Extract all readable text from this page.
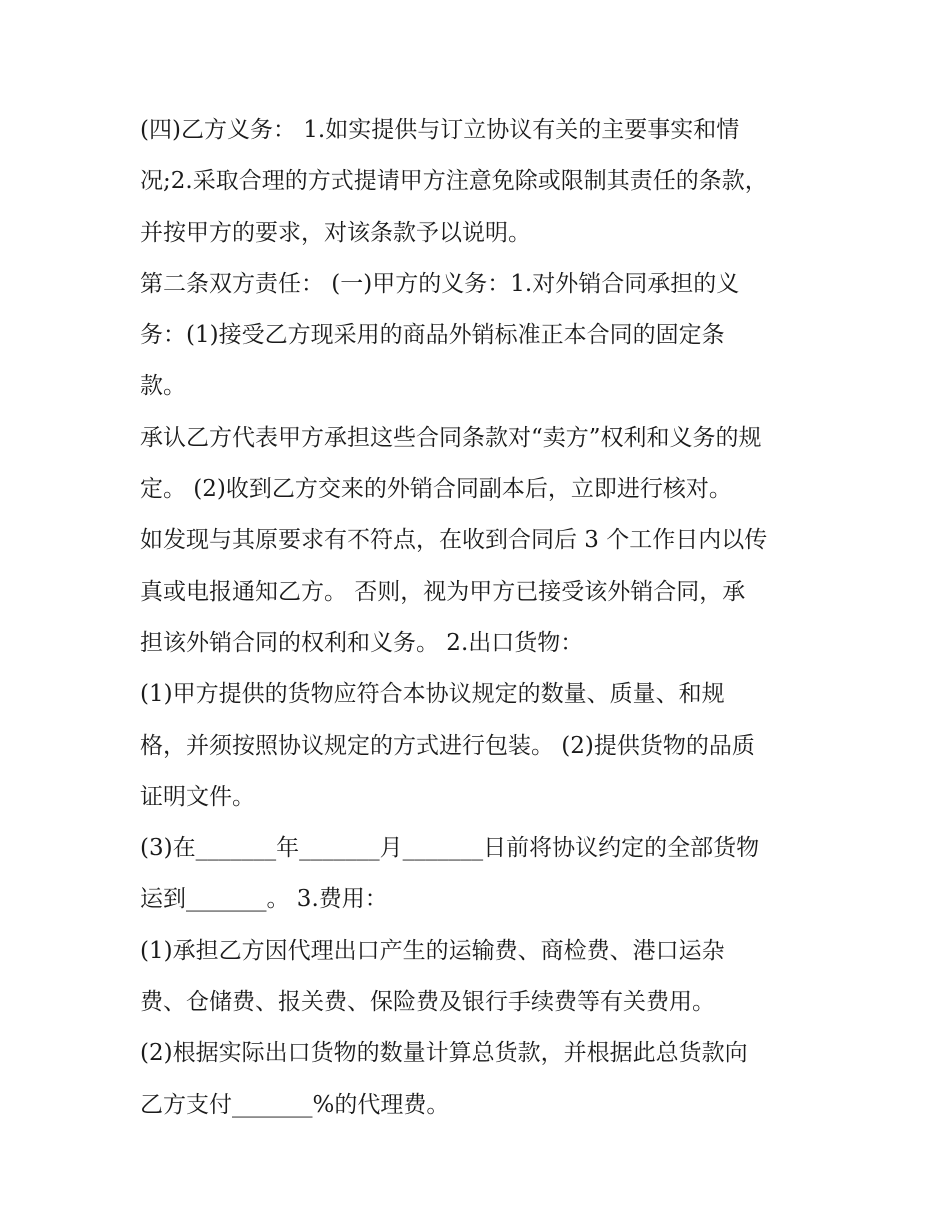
(四)乙方义务： 1.如实提供与订立协议有关的主要事实和情

况;2.采取合理的方式提请甲方注意免除或限制其责任的条款，

并按甲方的要求，对该条款予以说明。

第二条双方责任： (一)甲方的义务：1.对外销合同承担的义

务：(1)接受乙方现采用的商品外销标准正本合同的固定条

款。

承认乙方代表甲方承担这些合同条款对“卖方”权利和义务的规

定。 (2)收到乙方交来的外销合同副本后，立即进行核对。

如发现与其原要求有不符点，在收到合同后 3 个工作日内以传

真或电报通知乙方。 否则，视为甲方已接受该外销合同，承

担该外销合同的权利和义务。 2.出口货物：

(1)甲方提供的货物应符合本协议规定的数量、质量、和规

格，并须按照协议规定的方式进行包装。 (2)提供货物的品质

证明文件。

(3)在_______年_______月_______日前将协议约定的全部货物

运到_______。 3.费用：

(1)承担乙方因代理出口产生的运输费、商检费、港口运杂

费、仓储费、报关费、保险费及银行手续费等有关费用。

(2)根据实际出口货物的数量计算总货款，并根据此总货款向

乙方支付_______%的代理费。
